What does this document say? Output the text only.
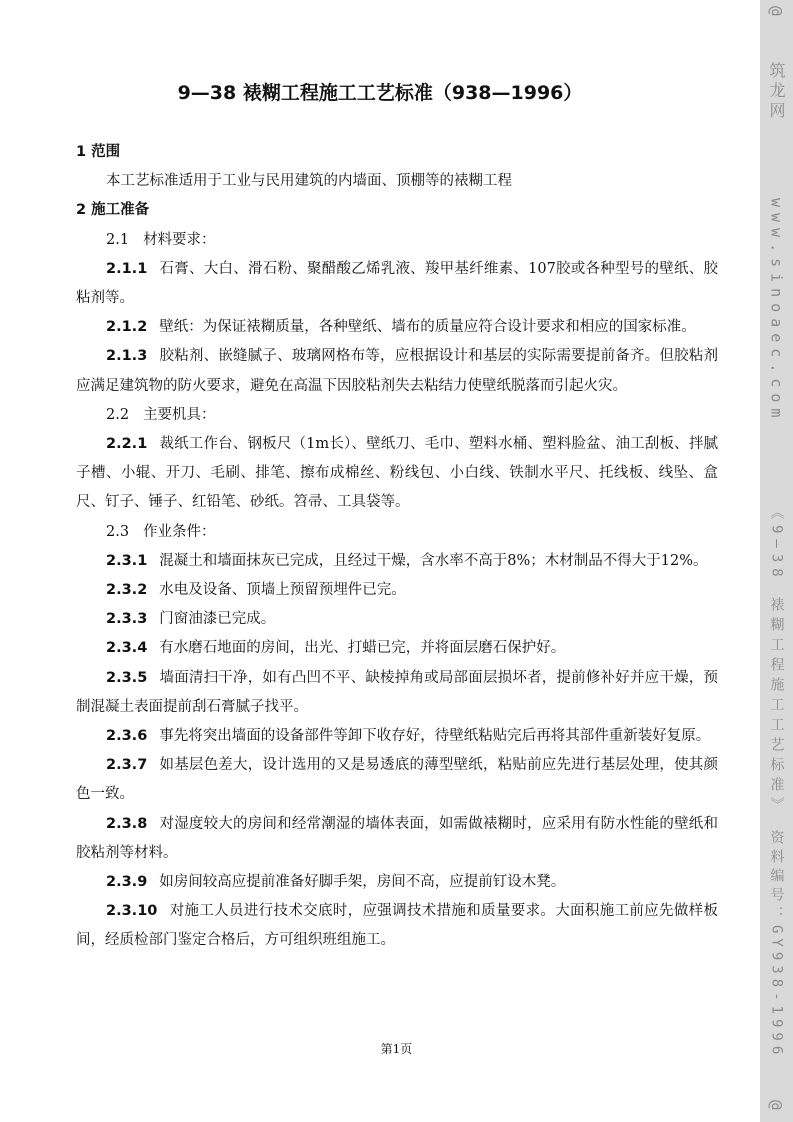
@
筑龙网
www.sinoaec.com
《9—38 裱糊工程施工工艺标准》
资料编号：GY938-1996
@
9—38 裱糊工程施工工艺标准（938—1996）

1 范围

本工艺标准适用于工业与民用建筑的内墙面、顶棚等的裱糊工程

2 施工准备

2.1 材料要求：

2.1.1 石膏、大白、滑石粉、聚醋酸乙烯乳液、羧甲基纤维素、107胶或各种型号的壁纸、胶粘剂等。

2.1.2 壁纸：为保证裱糊质量，各种壁纸、墙布的质量应符合设计要求和相应的国家标准。

2.1.3 胶粘剂、嵌缝腻子、玻璃网格布等，应根据设计和基层的实际需要提前备齐。但胶粘剂应满足建筑物的防火要求，避免在高温下因胶粘剂失去粘结力使壁纸脱落而引起火灾。

2.2 主要机具：

2.2.1 裁纸工作台、钢板尺（1m长）、壁纸刀、毛巾、塑料水桶、塑料脸盆、油工刮板、拌腻子槽、小辊、开刀、毛刷、排笔、擦布成棉丝、粉线包、小白线、铁制水平尺、托线板、线坠、盒尺、钉子、锤子、红铅笔、砂纸。笤帚、工具袋等。

2.3 作业条件：

2.3.1 混凝土和墙面抹灰已完成，且经过干燥，含水率不高于8%；木材制品不得大于12%。

2.3.2 水电及设备、顶墙上预留预埋件已完。

2.3.3 门窗油漆已完成。

2.3.4 有水磨石地面的房间，出光、打蜡已完，并将面层磨石保护好。

2.3.5 墙面清扫干净，如有凸凹不平、缺棱掉角或局部面层损坏者，提前修补好并应干燥，预制混凝土表面提前刮石膏腻子找平。

2.3.6 事先将突出墙面的设备部件等卸下收存好，待壁纸粘贴完后再将其部件重新装好复原。

2.3.7 如基层色差大，设计选用的又是易透底的薄型壁纸，粘贴前应先进行基层处理，使其颜色一致。

2.3.8 对湿度较大的房间和经常潮湿的墙体表面，如需做裱糊时，应采用有防水性能的壁纸和胶粘剂等材料。

2.3.9 如房间较高应提前准备好脚手架，房间不高，应提前钉设木凳。

2.3.10 对施工人员进行技术交底时，应强调技术措施和质量要求。大面积施工前应先做样板间，经质检部门鉴定合格后，方可组织班组施工。

第1页
